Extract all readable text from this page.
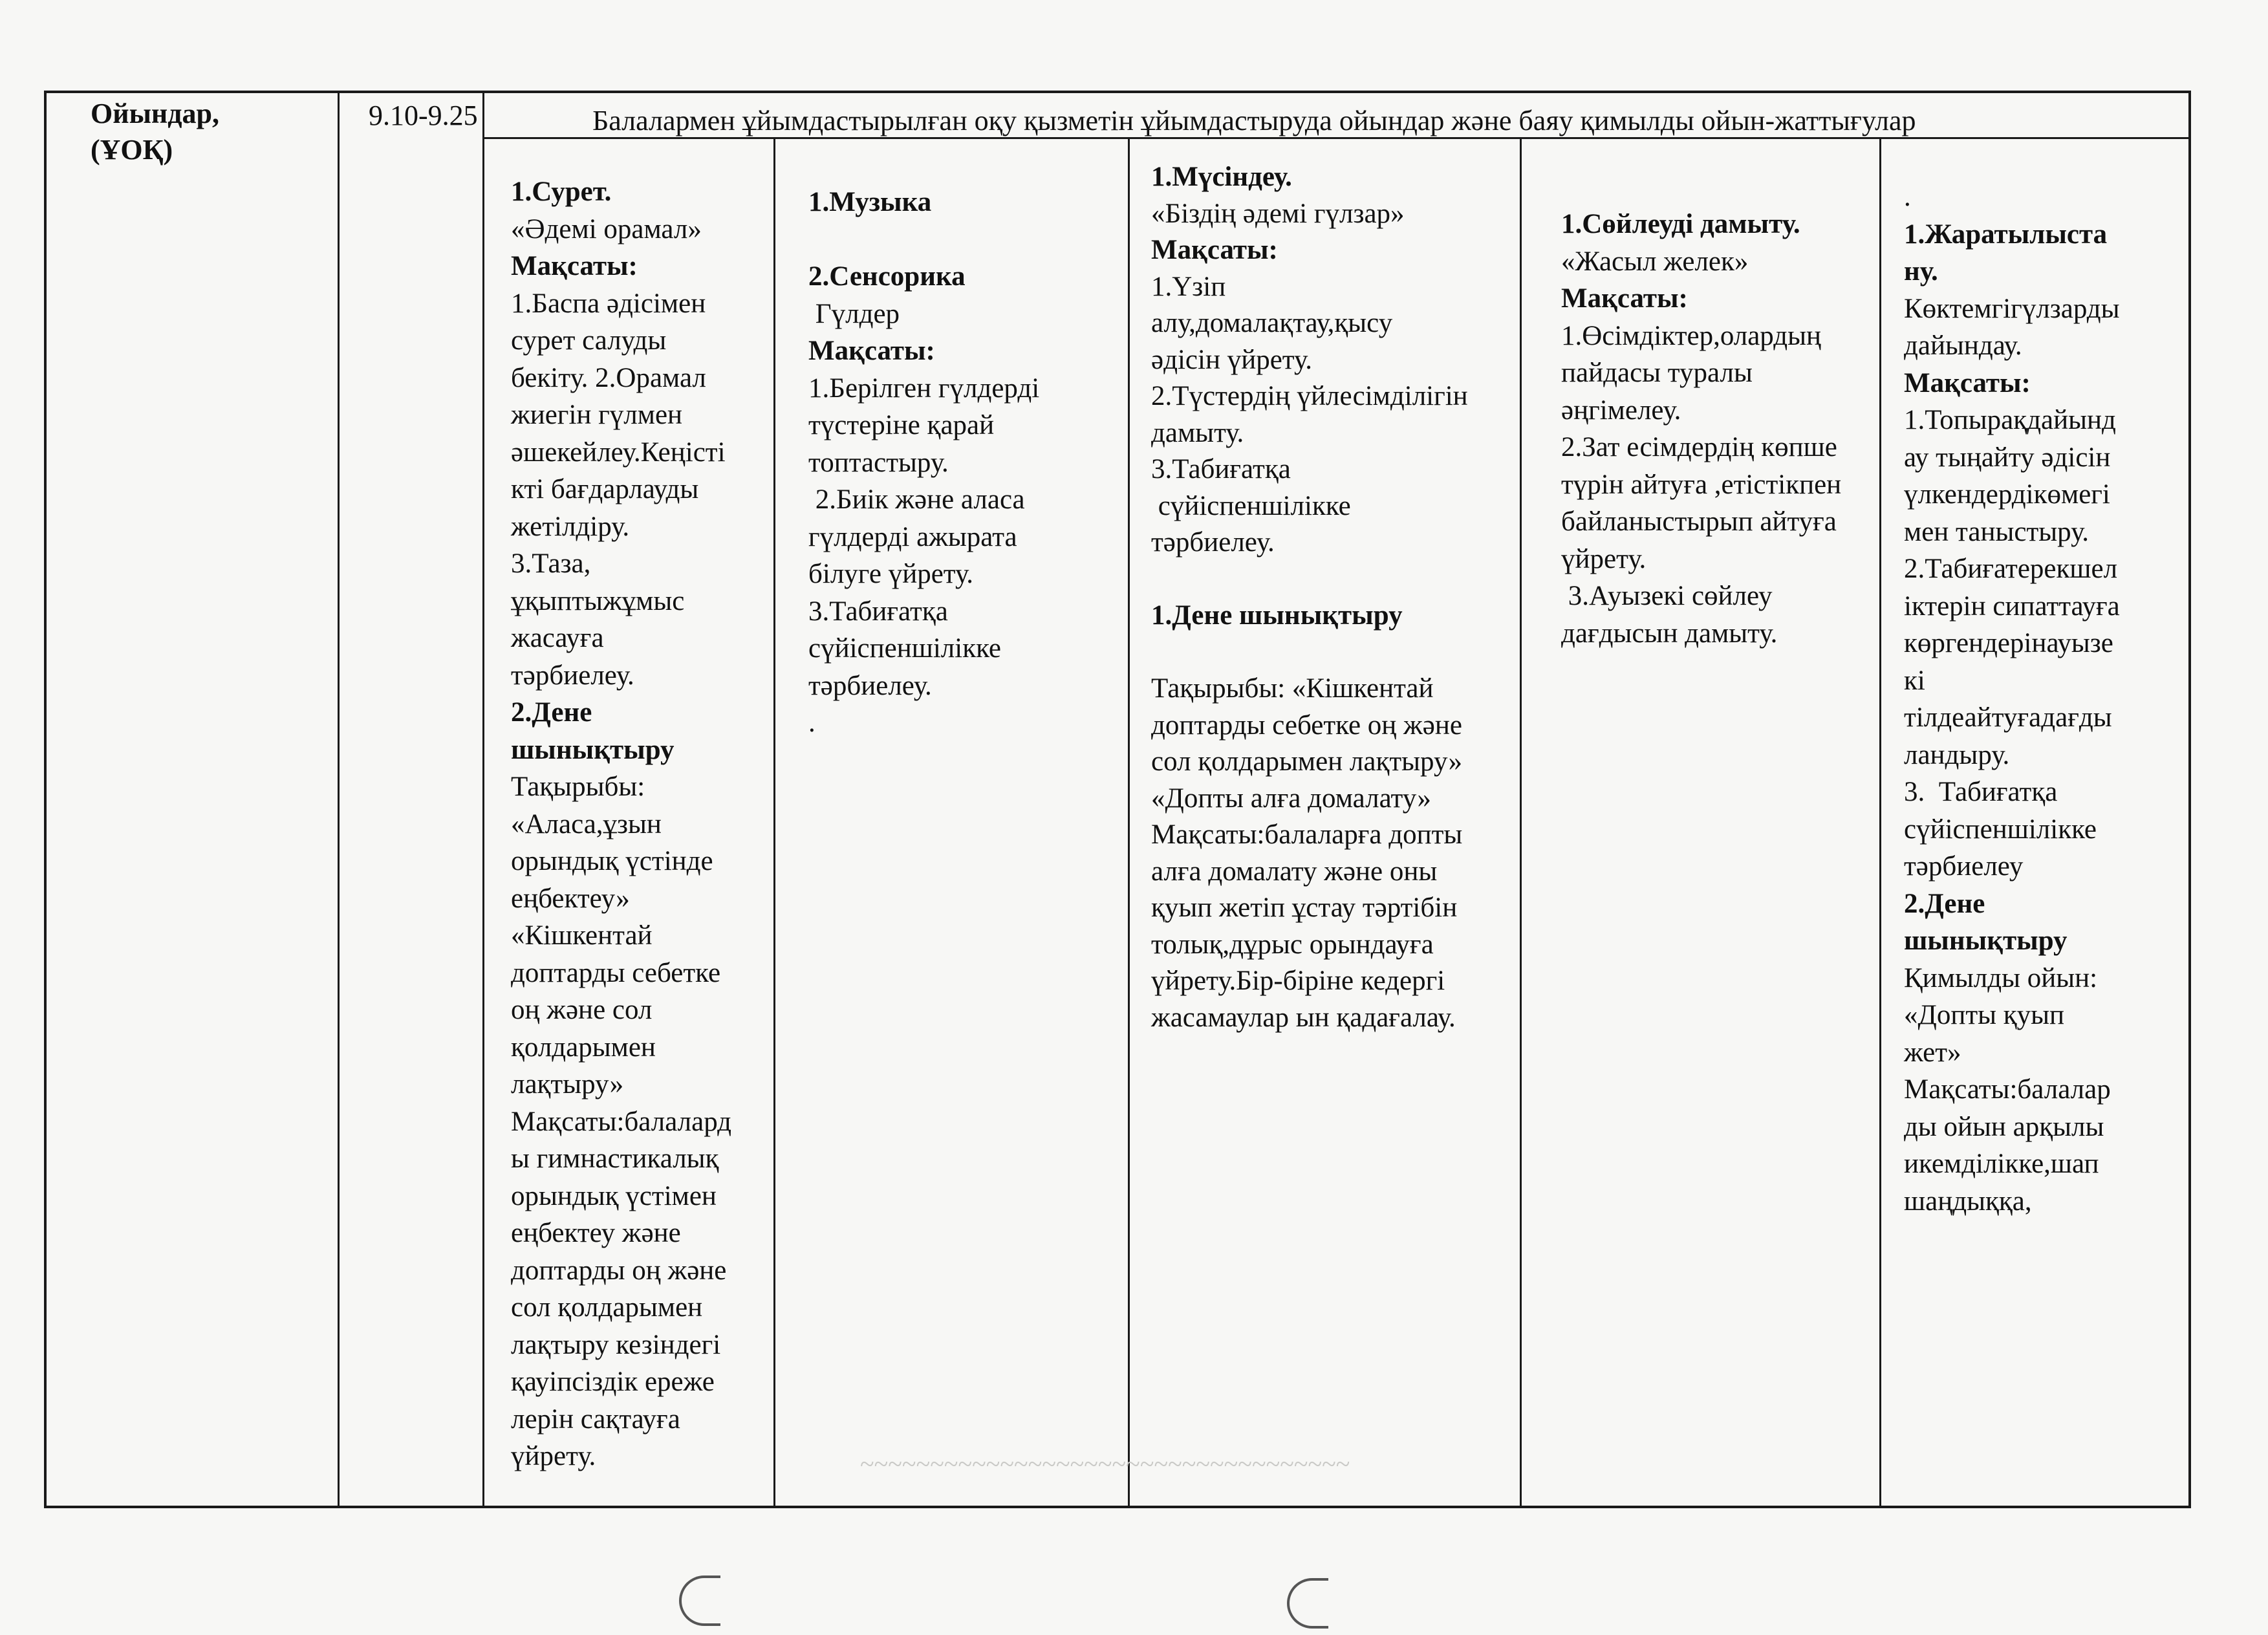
Ойындар,
(ҰОҚ)
9.10-9.25	Балалармен ұйымдастырылған оқу қызметін ұйымдастыруда ойындар және баяу қимылды ойын-жаттығулар

1.Сурет.

«Әдемі орамал»

Мақсаты:

1.Баспа әдісімен

сурет салуды

бекіту. 2.Орамал

жиегін гүлмен

әшекейлеу.Кеңісті

кті бағдарлауды

жетілдіру.

3.Таза,

ұқыптыжұмыс

жасауға

тәрбиелеу.

2.Дене

шынықтыру

Тақырыбы:

«Аласа,ұзын

орындық үстінде

еңбектеу»

«Кішкентай

доптарды себетке

оң және сол

қолдарымен

лақтыру»

Мақсаты:балалард

ы гимнастикалық

орындық үстімен

еңбектеу және

доптарды оң және

сол қолдарымен

лақтыру кезіндегі

қауіпсіздік ереже

лерін сақтауға

үйрету.

1.Музыка

2.Сенсорика

Гүлдер

Мақсаты:

1.Берілген гүлдерді

түстеріне қарай

топтастыру.

2.Биік және аласа

гүлдерді ажырата

білуге үйрету.

3.Табиғатқа

сүйіспеншілікке

тәрбиелеу.

.

1.Мүсіндеу.

«Біздің әдемі гүлзар»

Мақсаты:

1.Үзіп

алу,домалақтау,қысу

әдісін үйрету.

2.Түстердің үйлесімділігін

дамыту.

3.Табиғатқа

сүйіспеншілікке

тәрбиелеу.

1.Дене шынықтыру

Тақырыбы: «Кішкентай

доптарды себетке оң және

сол қолдарымен лақтыру»

«Допты алға домалату»

Мақсаты:балаларға допты

алға домалату және оны

қуып жетіп ұстау тәртібін

толық,дұрыс орындауға

үйрету.Бір-біріне кедергі

жасамаулар ын қадағалау.

1.Сөйлеуді дамыту.

«Жасыл желек»

Мақсаты:

1.Өсімдіктер,олардың

пайдасы туралы

әңгімелеу.

2.Зат есімдердің көпше

түрін айтуға ,етістікпен

байланыстырып айтуға

үйрету.

3.Ауызекі сөйлеу

дағдысын дамыту.

.

1.Жаратылыста

ну.

Көктемгігүлзарды

дайындау.

Мақсаты:

1.Топырақдайынд

ау тыңайту әдісін

үлкендердікөмегі

мен таныстыру.

2.Табиғатерекшел

іктерін сипаттауға

көргендерінауызе

кі

тілдеайтуғадағды

ландыру.

3.  Табиғатқа

сүйіспеншілікке

тәрбиелеу

2.Дене

шынықтыру

Қимылды ойын:

«Допты қуып

жет»

Мақсаты:балалар

ды ойын арқылы

икемділікке,шап

шаңдыққа,

~~~~~~~~~~~~~~~~~~~~~~~~~~~~~~~~~~~
